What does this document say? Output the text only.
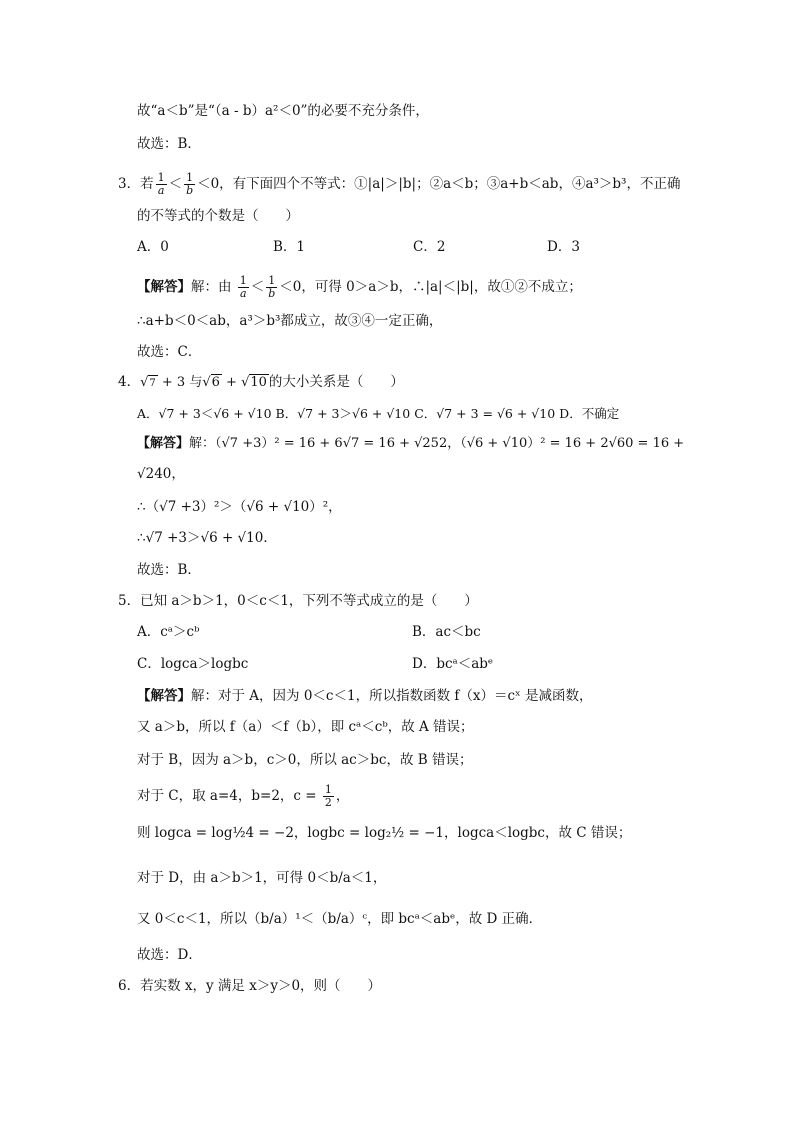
故“a＜b”是“（a - b）a²＜0”的必要不充分条件，
故选：B．
3．若 $\frac{1}{a} < \frac{1}{b} <0$，有下面四个不等式：①|a|＞|b|；②a＜b；③a+b＜ab，④a³＞b³，不正确
的不等式的个数是（　　）
A．0	B．1	C．2	D．3
【解答】解：由 $\frac{1}{a} < \frac{1}{b} <0$，可得 0＞a＞b，∴|a|＜|b|，故①②不成立；
∴a+b＜0＜ab，a³＞b³都成立，故③④一定正确，
故选：C．
4．√7 + 3 与√6 + √10 的大小关系是（　　）
A．√7 + 3＜√6 + √10 B．√7 + 3＞√6 + √10 C．√7 + 3 = √6 + √10 D．不确定
【解答】解：（√7 +3）² = 16 + 6√7 = 16 + √252，（√6 + √10）² = 16 + 2√60 = 16 +
√240，
∴（√7 +3）²＞（√6 + √10）²，
∴√7 +3＞√6 + √10．
故选：B．
5．已知 a＞b＞1，0＜c＜1，下列不等式成立的是（　　）
A．cᵃ＞cᵇ	B．ac＜bc
C．logca＞logbc	D．bcᵃ＜abᵉ
【解答】解：对于 A，因为 0＜c＜1，所以指数函数 f（x）＝cˣ 是减函数，
又 a＞b，所以 f（a）＜f（b），即 cᵃ＜cᵇ，故 A 错误；
对于 B，因为 a＞b，c＞0，所以 ac＞bc，故 B 错误；
对于 C，取 a=4，b=2，$c = \frac{1}{2}$ ，
则 logca = log½4 = −2，logbc = log₂½ = −1，logca＜logbc，故 C 错误；
对于 D，由 a＞b＞1，可得 0＜b/a＜1，
又 0＜c＜1，所以（b/a）¹＜（b/a）ᶜ，即 bcᵃ＜abᵉ，故 D 正确．
故选：D．
6．若实数 x，y 满足 x＞y＞0，则（　　）
